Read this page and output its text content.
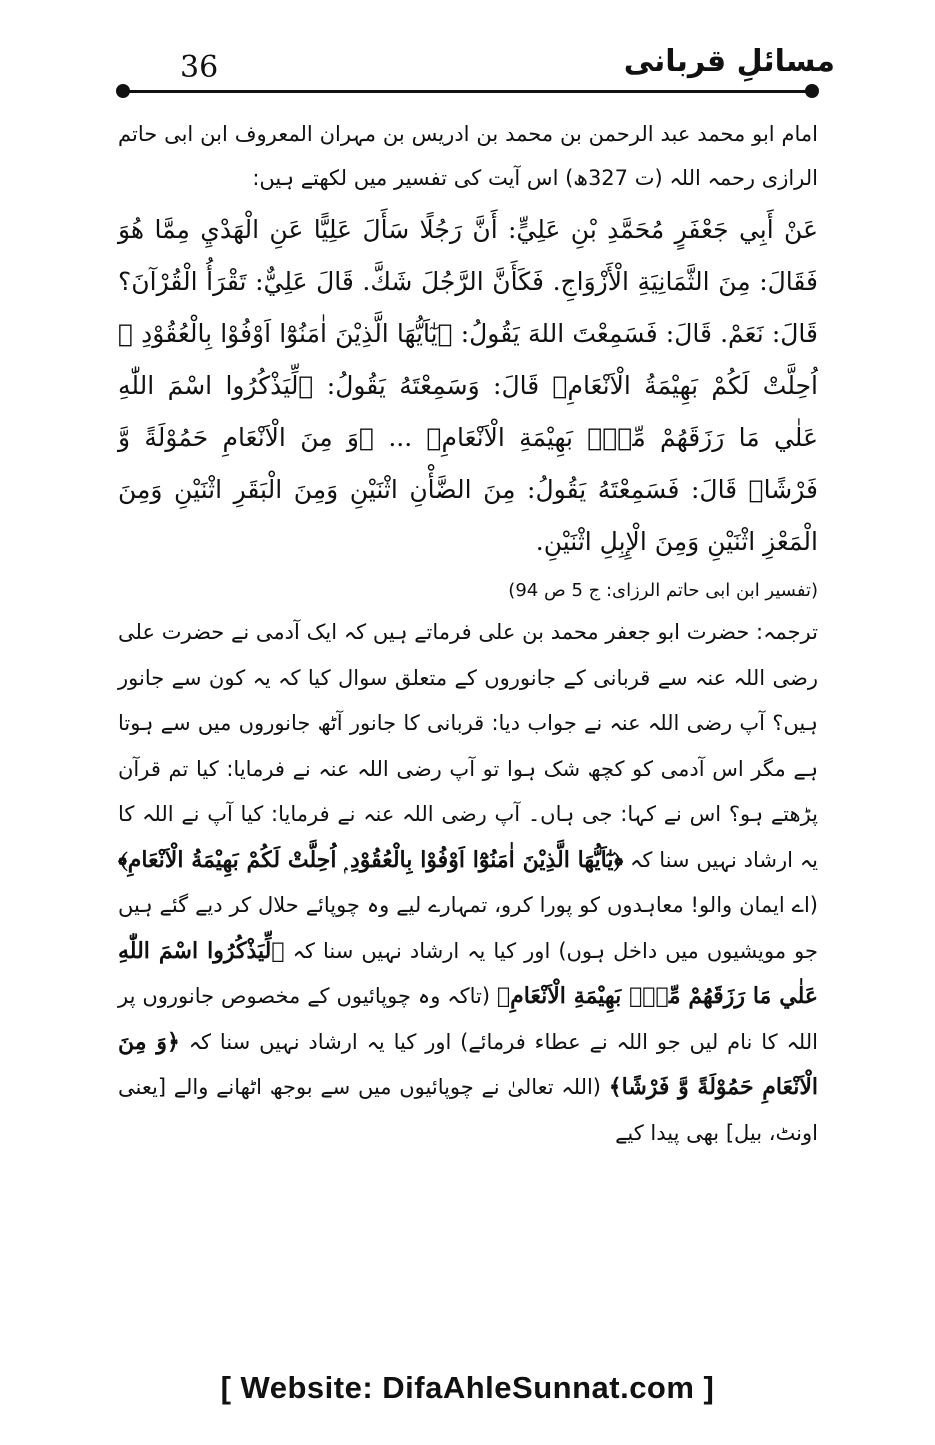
36	مسائلِ قربانی

امام ابو محمد عبد الرحمن بن محمد بن ادریس بن مہران المعروف ابن ابی حاتم الرازی رحمہ اللہ (ت 327ھ) اس آیت کی تفسیر میں لکھتے ہیں:

عَنْ أَبِي جَعْفَرٍ مُحَمَّدِ بْنِ عَلِيٍّ: أَنَّ رَجُلًا سَأَلَ عَلِيًّا عَنِ الْهَدْيِ مِمَّا هُوَ فَقَالَ: مِنَ الثَّمَانِيَةِ الْأَزْوَاجِ. فَكَأَنَّ الرَّجُلَ شَكَّ. قَالَ عَلِيٌّ: تَقْرَأُ الْقُرْآنَ؟ قَالَ: نَعَمْ. قَالَ: فَسَمِعْتَ اللهَ يَقُولُ: ﴿يٰٓاَيُّهَا الَّذِيْنَ اٰمَنُوْٓا اَوْفُوْا بِالْعُقُوْدِ ۭ اُحِلَّتْ لَكُمْ بَهِيْمَةُ الْاَنْعَامِ﴾ قَالَ: وَسَمِعْتَهُ يَقُولُ: ﴿لِّيَذْكُرُوا اسْمَ اللّٰهِ عَلٰي مَا رَزَقَهُمْ مِّنْۢ بَهِيْمَةِ الْاَنْعَامِ﴾ ... ﴿وَ مِنَ الْاَنْعَامِ حَمُوْلَةً وَّ فَرْشًا﴾ قَالَ: فَسَمِعْتَهُ يَقُولُ: مِنَ الضَّأْنِ اثْنَيْنِ وَمِنَ الْبَقَرِ اثْنَيْنِ وَمِنَ الْمَعْزِ اثْنَيْنِ وَمِنَ الْإِبِلِ اثْنَيْنِ.

(تفسیر ابن ابی حاتم الرزای: ج 5 ص 94)

ترجمہ: حضرت ابو جعفر محمد بن علی فرماتے ہیں کہ ایک آدمی نے حضرت علی رضی اللہ عنہ سے قربانی کے جانوروں کے متعلق سوال کیا کہ یہ کون سے جانور ہیں؟ آپ رضی اللہ عنہ نے جواب دیا: قربانی کا جانور آٹھ جانوروں میں سے ہوتا ہے مگر اس آدمی کو کچھ شک ہوا تو آپ رضی اللہ عنہ نے فرمایا: کیا تم قرآن پڑھتے ہو؟ اس نے کہا: جی ہاں۔ آپ رضی اللہ عنہ نے فرمایا: کیا آپ نے اللہ کا یہ ارشاد نہیں سنا کہ ﴿يٰٓاَيُّهَا الَّذِيْنَ اٰمَنُوْٓا اَوْفُوْا بِالْعُقُوْدِ ۭ اُحِلَّتْ لَكُمْ بَهِيْمَةُ الْاَنْعَامِ﴾ (اے ایمان والو! معاہدوں کو پورا کرو، تمہارے لیے وہ چوپائے حلال کر دیے گئے ہیں جو مویشیوں میں داخل ہوں) اور کیا یہ ارشاد نہیں سنا کہ ﴿لِّيَذْكُرُوا اسْمَ اللّٰهِ عَلٰي مَا رَزَقَهُمْ مِّنْۢ بَهِيْمَةِ الْاَنْعَامِ﴾ (تاکہ وہ چوپائیوں کے مخصوص جانوروں پر اللہ کا نام لیں جو اللہ نے عطاء فرمائے) اور کیا یہ ارشاد نہیں سنا کہ ﴿وَ مِنَ الْاَنْعَامِ حَمُوْلَةً وَّ فَرْشًا﴾ (اللہ تعالیٰ نے چوپائیوں میں سے بوجھ اٹھانے والے [یعنی اونٹ، بیل] بھی پیدا کیے

[ Website: DifaAhleSunnat.com ]
